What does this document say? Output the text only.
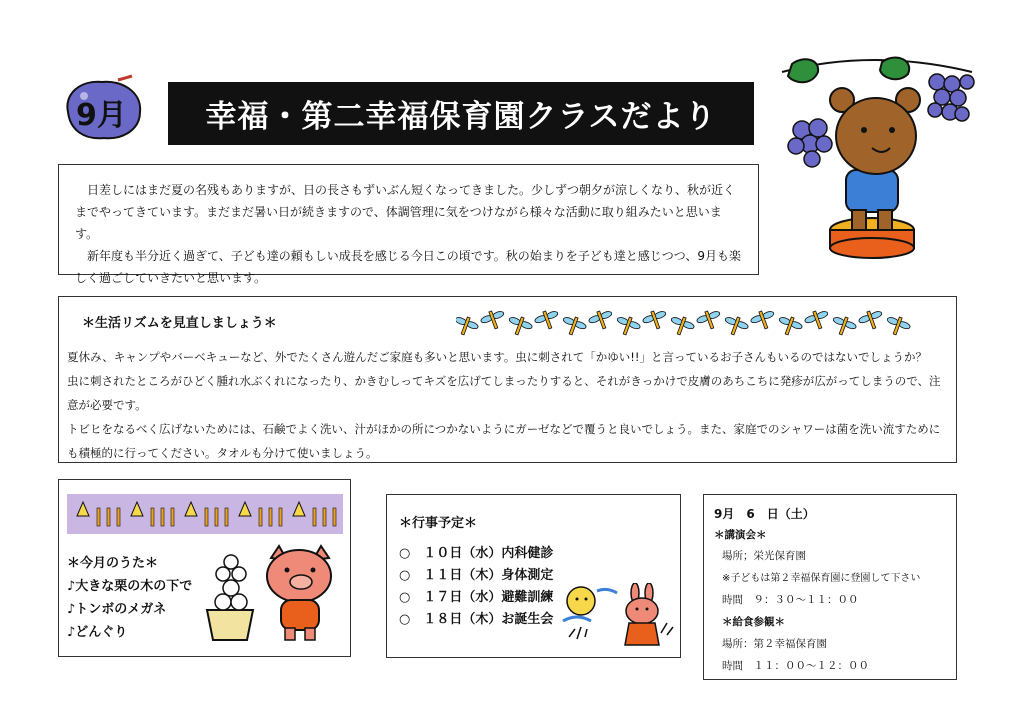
9月	幸福・第二幸福保育園クラスだより

日差しにはまだ夏の名残もありますが、日の長さもずいぶん短くなってきました。少しずつ朝夕が涼しくなり、秋が近くまでやってきています。まだまだ暑い日が続きますので、体調管理に気をつけながら様々な活動に取り組みたいと思います。

新年度も半分近く過ぎて、子ども達の頼もしい成長を感じる今日この頃です。秋の始まりを子ども達と感じつつ、9月も楽しく過ごしていきたいと思います。

夏休み、キャンプやバーベキューなど、外でたくさん遊んだご家庭も多いと思います。虫に刺されて「かゆい!!」と言っているお子さんもいるのではないでしょうか？

虫に刺されたところがひどく腫れ水ぶくれになったり、かきむしってキズを広げてしまったりすると、それがきっかけで皮膚のあちこちに発疹が広がってしまうので、注意が必要です。

トビヒをなるべく広げないためには、石鹸でよく洗い、汁がほかの所につかないようにガーゼなどで覆うと良いでしょう。また、家庭でのシャワーは菌を洗い流すためにも積極的に行ってください。タオルも分けて使いましょう。

＊生活リズムを見直しましょう＊
＊今月のうた＊
♪大きな栗の木の下で
♪トンボのメガネ
♪どんぐり
＊行事予定＊
○　１０日（水）内科健診
○　１１日（木）身体測定
○　１７日（水）避難訓練
○　１８日（木）お誕生会
9月　6　日（土）
＊講演会＊
場所；栄光保育園
※子どもは第２幸福保育園に登園して下さい
時間　９：３０～１１：００
＊給食参観＊
場所：第２幸福保育園
時間　１１：００～１２：００
